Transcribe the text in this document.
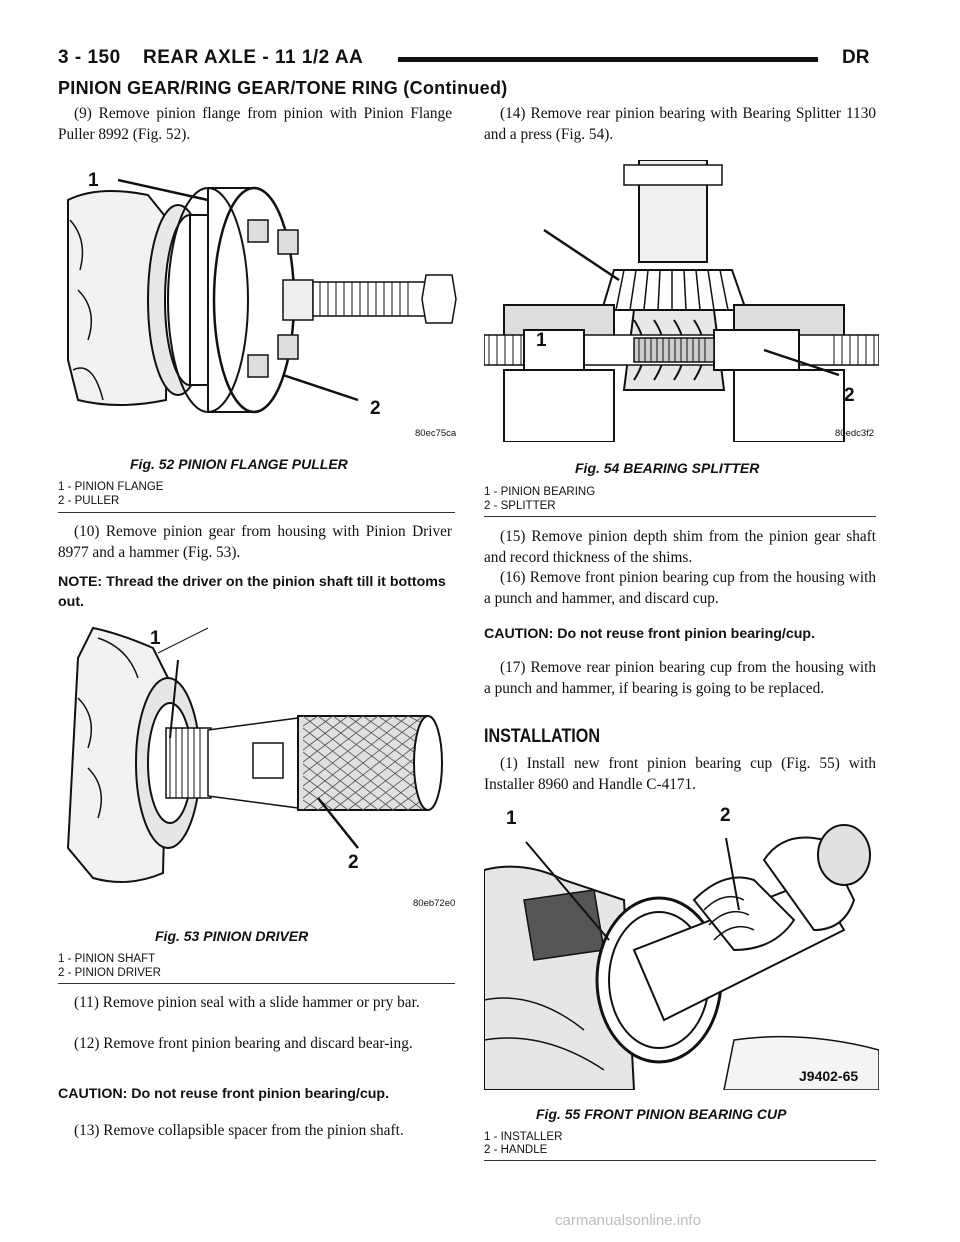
3 - 150 REAR AXLE - 11 1/2 AA	DR
PINION GEAR/RING GEAR/TONE RING (Continued)
(9) Remove pinion flange from pinion with Pinion Flange Puller 8992 (Fig. 52).
1
2
80ec75ca
Fig. 52 PINION FLANGE PULLER
1 - PINION FLANGE
2 - PULLER
(10) Remove pinion gear from housing with Pinion Driver 8977 and a hammer (Fig. 53).
NOTE: Thread the driver on the pinion shaft till it bottoms out.
1
2
80eb72e0
Fig. 53 PINION DRIVER
1 - PINION SHAFT
2 - PINION DRIVER
(11) Remove pinion seal with a slide hammer or pry bar.
(12) Remove front pinion bearing and discard bear-ing.
CAUTION: Do not reuse front pinion bearing/cup.
(13) Remove collapsible spacer from the pinion shaft.
(14) Remove rear pinion bearing with Bearing Splitter 1130 and a press (Fig. 54).
1
2
80edc3f2
Fig. 54 BEARING SPLITTER
1 - PINION BEARING
2 - SPLITTER
(15) Remove pinion depth shim from the pinion gear shaft and record thickness of the shims.
(16) Remove front pinion bearing cup from the housing with a punch and hammer, and discard cup.
CAUTION: Do not reuse front pinion bearing/cup.
(17) Remove rear pinion bearing cup from the housing with a punch and hammer, if bearing is going to be replaced.
INSTALLATION
(1) Install new front pinion bearing cup (Fig. 55) with Installer 8960 and Handle C-4171.
1	2
J9402-65
Fig. 55 FRONT PINION BEARING CUP
1 - INSTALLER
2 - HANDLE
carmanualsonline.info
